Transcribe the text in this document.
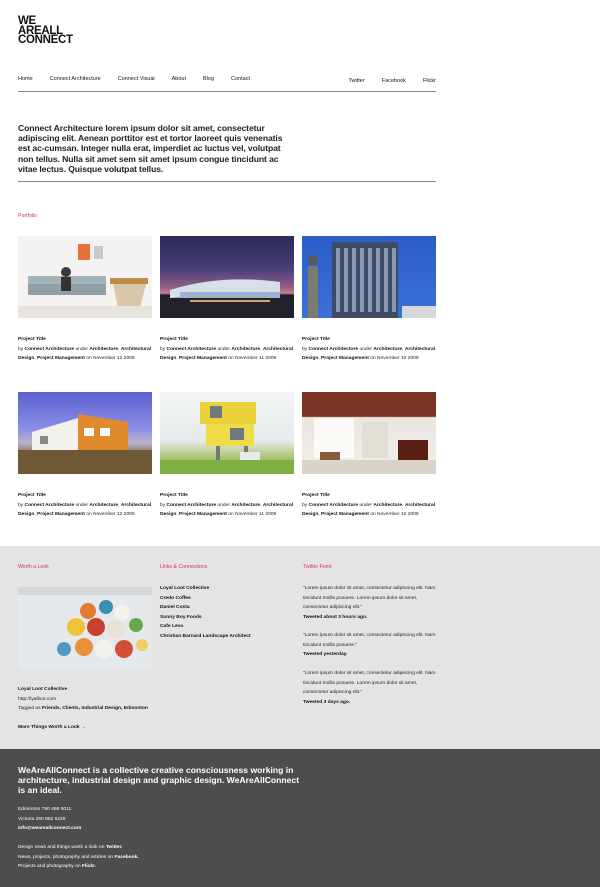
WE
AREALL
CONNECT
Home	Connect Architecture	Connect Visual	About	Blog	Contact	Twitter	Facebook	Flickr

Connect Architecture lorem ipsum dolor sit amet, consectetur adipiscing elit. Aenean porttitor est et tortor laoreet quis venenatis est ac-cumsan. Integer nulla erat, imperdiet ac luctus vel, volutpat non tellus. Nulla sit amet sem sit amet ipsum congue tincidunt ac vitae lectus. Quisque volutpat tellus.

Portfolio
Project Title
by Connect Architecture under Architecture, Architectural Design, Project Management on November 12 2009
Project Title
by Connect Architecture under Architecture, Architectural Design, Project Management on November 11 2009
Project Title
by Connect Architecture under Architecture, Architectural Design, Project Management on November 10 2009
Project Title
by Connect Architecture under Architecture, Architectural Design, Project Management on November 12 2009
Project Title
by Connect Architecture under Architecture, Architectural Design, Project Management on November 11 2009
Project Title
by Connect Architecture under Architecture, Architectural Design, Project Management on November 10 2009
Worth a Look
Loyal Loot Collective
http://lyalloot.com
Tagged as Friends, Clients, Industrial Design, Edmonton
More Things Worth a Look →
Links & Connections
Loyal Loot Collective
Credo Coffee
Daniel Costa
Sunny Boy Foods
Cafe Leva
Christian Barnard Landscape Architect
Twitter Feed
"Lorem ipsum dolor sit amet, consectetur adipiscing elit. Nam tincidunt mollis posuere. Lorem ipsum dolor sit amet, consectetur adipiscing elit."
Tweeted about 3 hours ago.
"Lorem ipsum dolor sit amet, consectetur adipiscing elit. Nam tincidunt mollis posuere."
Tweeted yesterday.
"Lorem ipsum dolor sit amet, consectetur adipiscing elit. Nam tincidunt mollis posuere. Lorem ipsum dolor sit amet, consectetur adipiscing elit."
Tweeted 3 days ago.

WeAreAllConnect is a collective creative consciousness working in architecture, industrial design and graphic design. WeAreAllConnect is an ideal.

Edmonton 780 498 5011
Victoria 250 882 5228
info@weareallconnect.com
Design news and things worth a look on Twitter.
News, projects, photography and articles on Facebook.
Projects and photography on Flickr.
